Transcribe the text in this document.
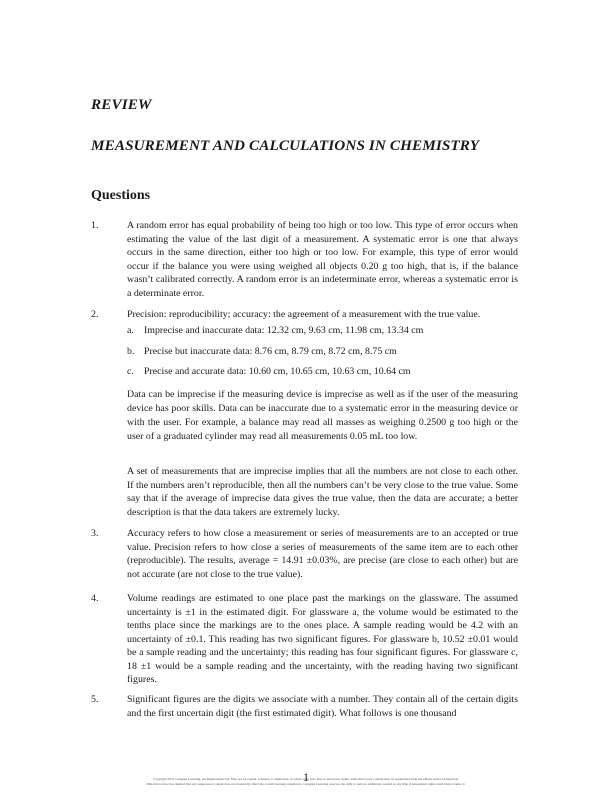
REVIEW
MEASUREMENT AND CALCULATIONS IN CHEMISTRY
Questions
1.	A random error has equal probability of being too high or too low. This type of error occurs when estimating the value of the last digit of a measurement. A systematic error is one that always occurs in the same direction, either too high or too low. For example, this type of error would occur if the balance you were using weighed all objects 0.20 g too high, that is, if the balance wasn’t calibrated correctly. A random error is an indeterminate error, whereas a systematic error is a determinate error.

2.	Precision: reproducibility; accuracy: the agreement of a measurement with the true value.

a. Imprecise and inaccurate data: 12.32 cm, 9.63 cm, 11.98 cm, 13.34 cm
b. Precise but inaccurate data: 8.76 cm, 8.79 cm, 8.72 cm, 8.75 cm
c. Precise and accurate data: 10.60 cm, 10.65 cm, 10.63 cm, 10.64 cm

Data can be imprecise if the measuring device is imprecise as well as if the user of the measuring device has poor skills. Data can be inaccurate due to a systematic error in the measuring device or with the user. For example, a balance may read all masses as weighing 0.2500 g too high or the user of a graduated cylinder may read all measurements 0.05 mL too low.

A set of measurements that are imprecise implies that all the numbers are not close to each other. If the numbers aren’t reproducible, then all the numbers can’t be very close to the true value. Some say that if the average of imprecise data gives the true value, then the data are accurate; a better description is that the data takers are extremely lucky.

3.	Accuracy refers to how close a measurement or series of measurements are to an accepted or true value. Precision refers to how close a series of measurements of the same item are to each other (reproducible). The results, average = 14.91 ±0.03%, are precise (are close to each other) but are not accurate (are not close to the true value).

4.	Volume readings are estimated to one place past the markings on the glassware. The assumed uncertainty is ±1 in the estimated digit. For glassware a, the volume would be estimated to the tenths place since the markings are to the ones place. A sample reading would be 4.2 with an uncertainty of ±0.1. This reading has two significant figures. For glassware b, 10.52 ±0.01 would be a sample reading and the uncertainty; this reading has four significant figures. For glassware c, 18 ±1 would be a sample reading and the uncertainty, with the reading having two significant figures.

5.	Significant figures are the digits we associate with a number. They contain all of the certain digits and the first uncertain digit (the first estimated digit). What follows is one thousand

1

Copyright 2021 Cengage Learning. All Rights Reserved. May not be copied, scanned, or duplicated, in whole or in part. Due to electronic rights, some third party content may be suppressed from the eBook and/or eChapter(s).

Editorial review has deemed that any suppressed content does not materially affect the overall learning experience. Cengage Learning reserves the right to remove additional content at any time if subsequent rights restrictions require it.
